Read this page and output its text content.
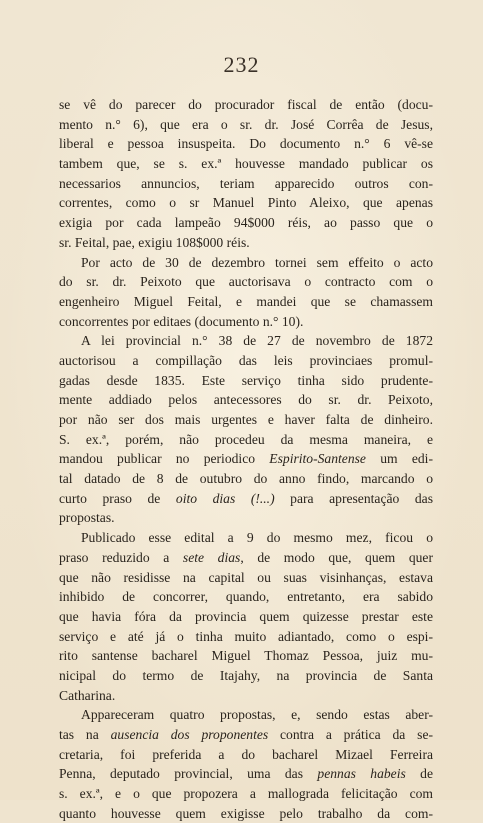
232
se vê do parecer do procurador fiscal de então (docu-
mento n.° 6), que era o sr. dr. José Corrêa de Jesus,
liberal e pessoa insuspeita. Do documento n.° 6 vê-se
tambem que, se s. ex.ª houvesse mandado publicar os
necessarios annuncios, teriam apparecido outros con-
correntes, como o sr Manuel Pinto Aleixo, que apenas
exigia por cada lampeão 94$000 réis, ao passo que o
sr. Feital, pae, exigiu 108$000 réis.
Por acto de 30 de dezembro tornei sem effeito o acto
do sr. dr. Peixoto que auctorisava o contracto com o
engenheiro Miguel Feital, e mandei que se chamassem
concorrentes por editaes (documento n.° 10).
A lei provincial n.° 38 de 27 de novembro de 1872
auctorisou a compillação das leis provinciaes promul-
gadas desde 1835. Este serviço tinha sido prudente-
mente addiado pelos antecessores do sr. dr. Peixoto,
por não ser dos mais urgentes e haver falta de dinheiro.
S. ex.ª, porém, não procedeu da mesma maneira, e
mandou publicar no periodico Espirito-Santense um edi-
tal datado de 8 de outubro do anno findo, marcando o
curto praso de oito dias (!...) para apresentação das
propostas.
Publicado esse edital a 9 do mesmo mez, ficou o
praso reduzido a sete dias, de modo que, quem quer
que não residisse na capital ou suas visinhanças, estava
inhibido de concorrer, quando, entretanto, era sabido
que havia fóra da provincia quem quizesse prestar este
serviço e até já o tinha muito adiantado, como o espi-
rito santense bacharel Miguel Thomaz Pessoa, juiz mu-
nicipal do termo de Itajahy, na provincia de Santa
Catharina.
Appareceram quatro propostas, e, sendo estas aber-
tas na ausencia dos proponentes contra a prática da se-
cretaria, foi preferida a do bacharel Mizael Ferreira
Penna, deputado provincial, uma das pennas habeis de
s. ex.ª, e o que propozera a mallograda felicitação com
quanto houvesse quem exigisse pelo trabalho da com-
